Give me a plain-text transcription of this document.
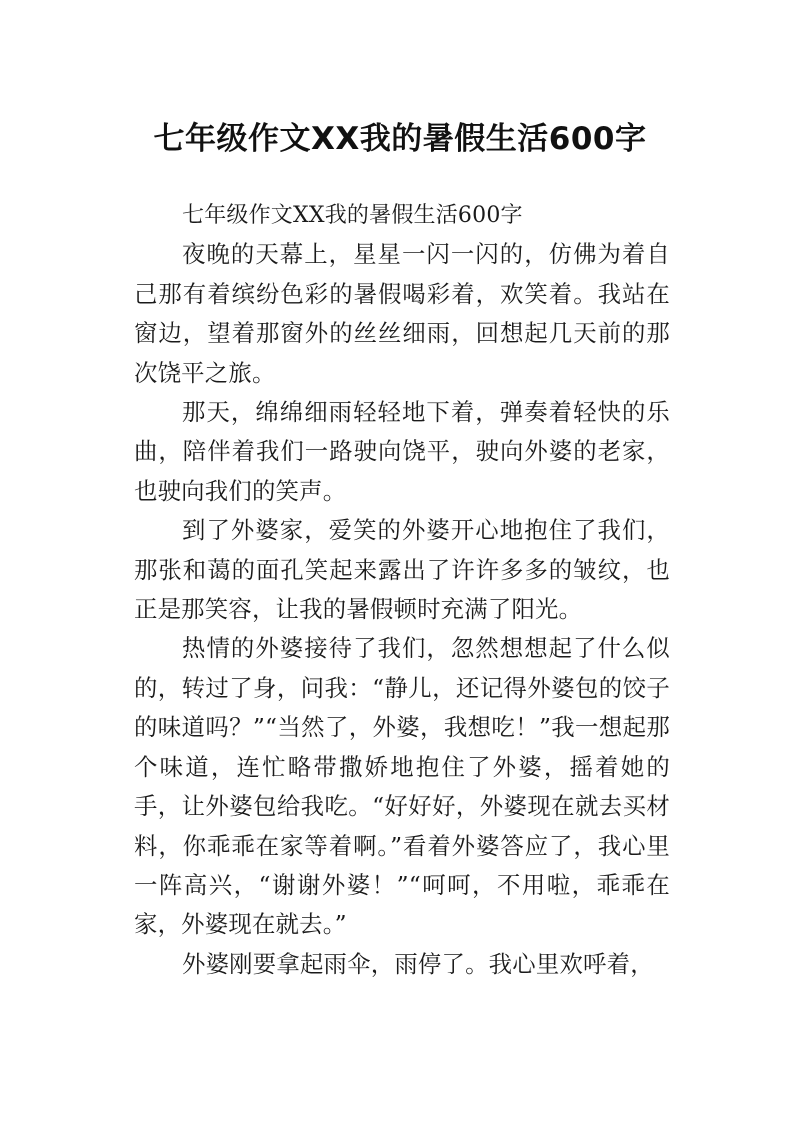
七年级作文XX我的暑假生活600字

七年级作文XX我的暑假生活600字

夜晚的天幕上，星星一闪一闪的，仿佛为着自己那有着缤纷色彩的暑假喝彩着，欢笑着。我站在窗边，望着那窗外的丝丝细雨，回想起几天前的那次饶平之旅。

那天，绵绵细雨轻轻地下着，弹奏着轻快的乐曲，陪伴着我们一路驶向饶平，驶向外婆的老家，也驶向我们的笑声。

到了外婆家，爱笑的外婆开心地抱住了我们，那张和蔼的面孔笑起来露出了许许多多的皱纹，也正是那笑容，让我的暑假顿时充满了阳光。

热情的外婆接待了我们，忽然想想起了什么似的，转过了身，问我：“静儿，还记得外婆包的饺子的味道吗？”“当然了，外婆，我想吃！”我一想起那个味道，连忙略带撒娇地抱住了外婆，摇着她的手，让外婆包给我吃。“好好好，外婆现在就去买材料，你乖乖在家等着啊。”看着外婆答应了，我心里一阵高兴，“谢谢外婆！”“呵呵，不用啦，乖乖在家，外婆现在就去。”

外婆刚要拿起雨伞，雨停了。我心里欢呼着，
